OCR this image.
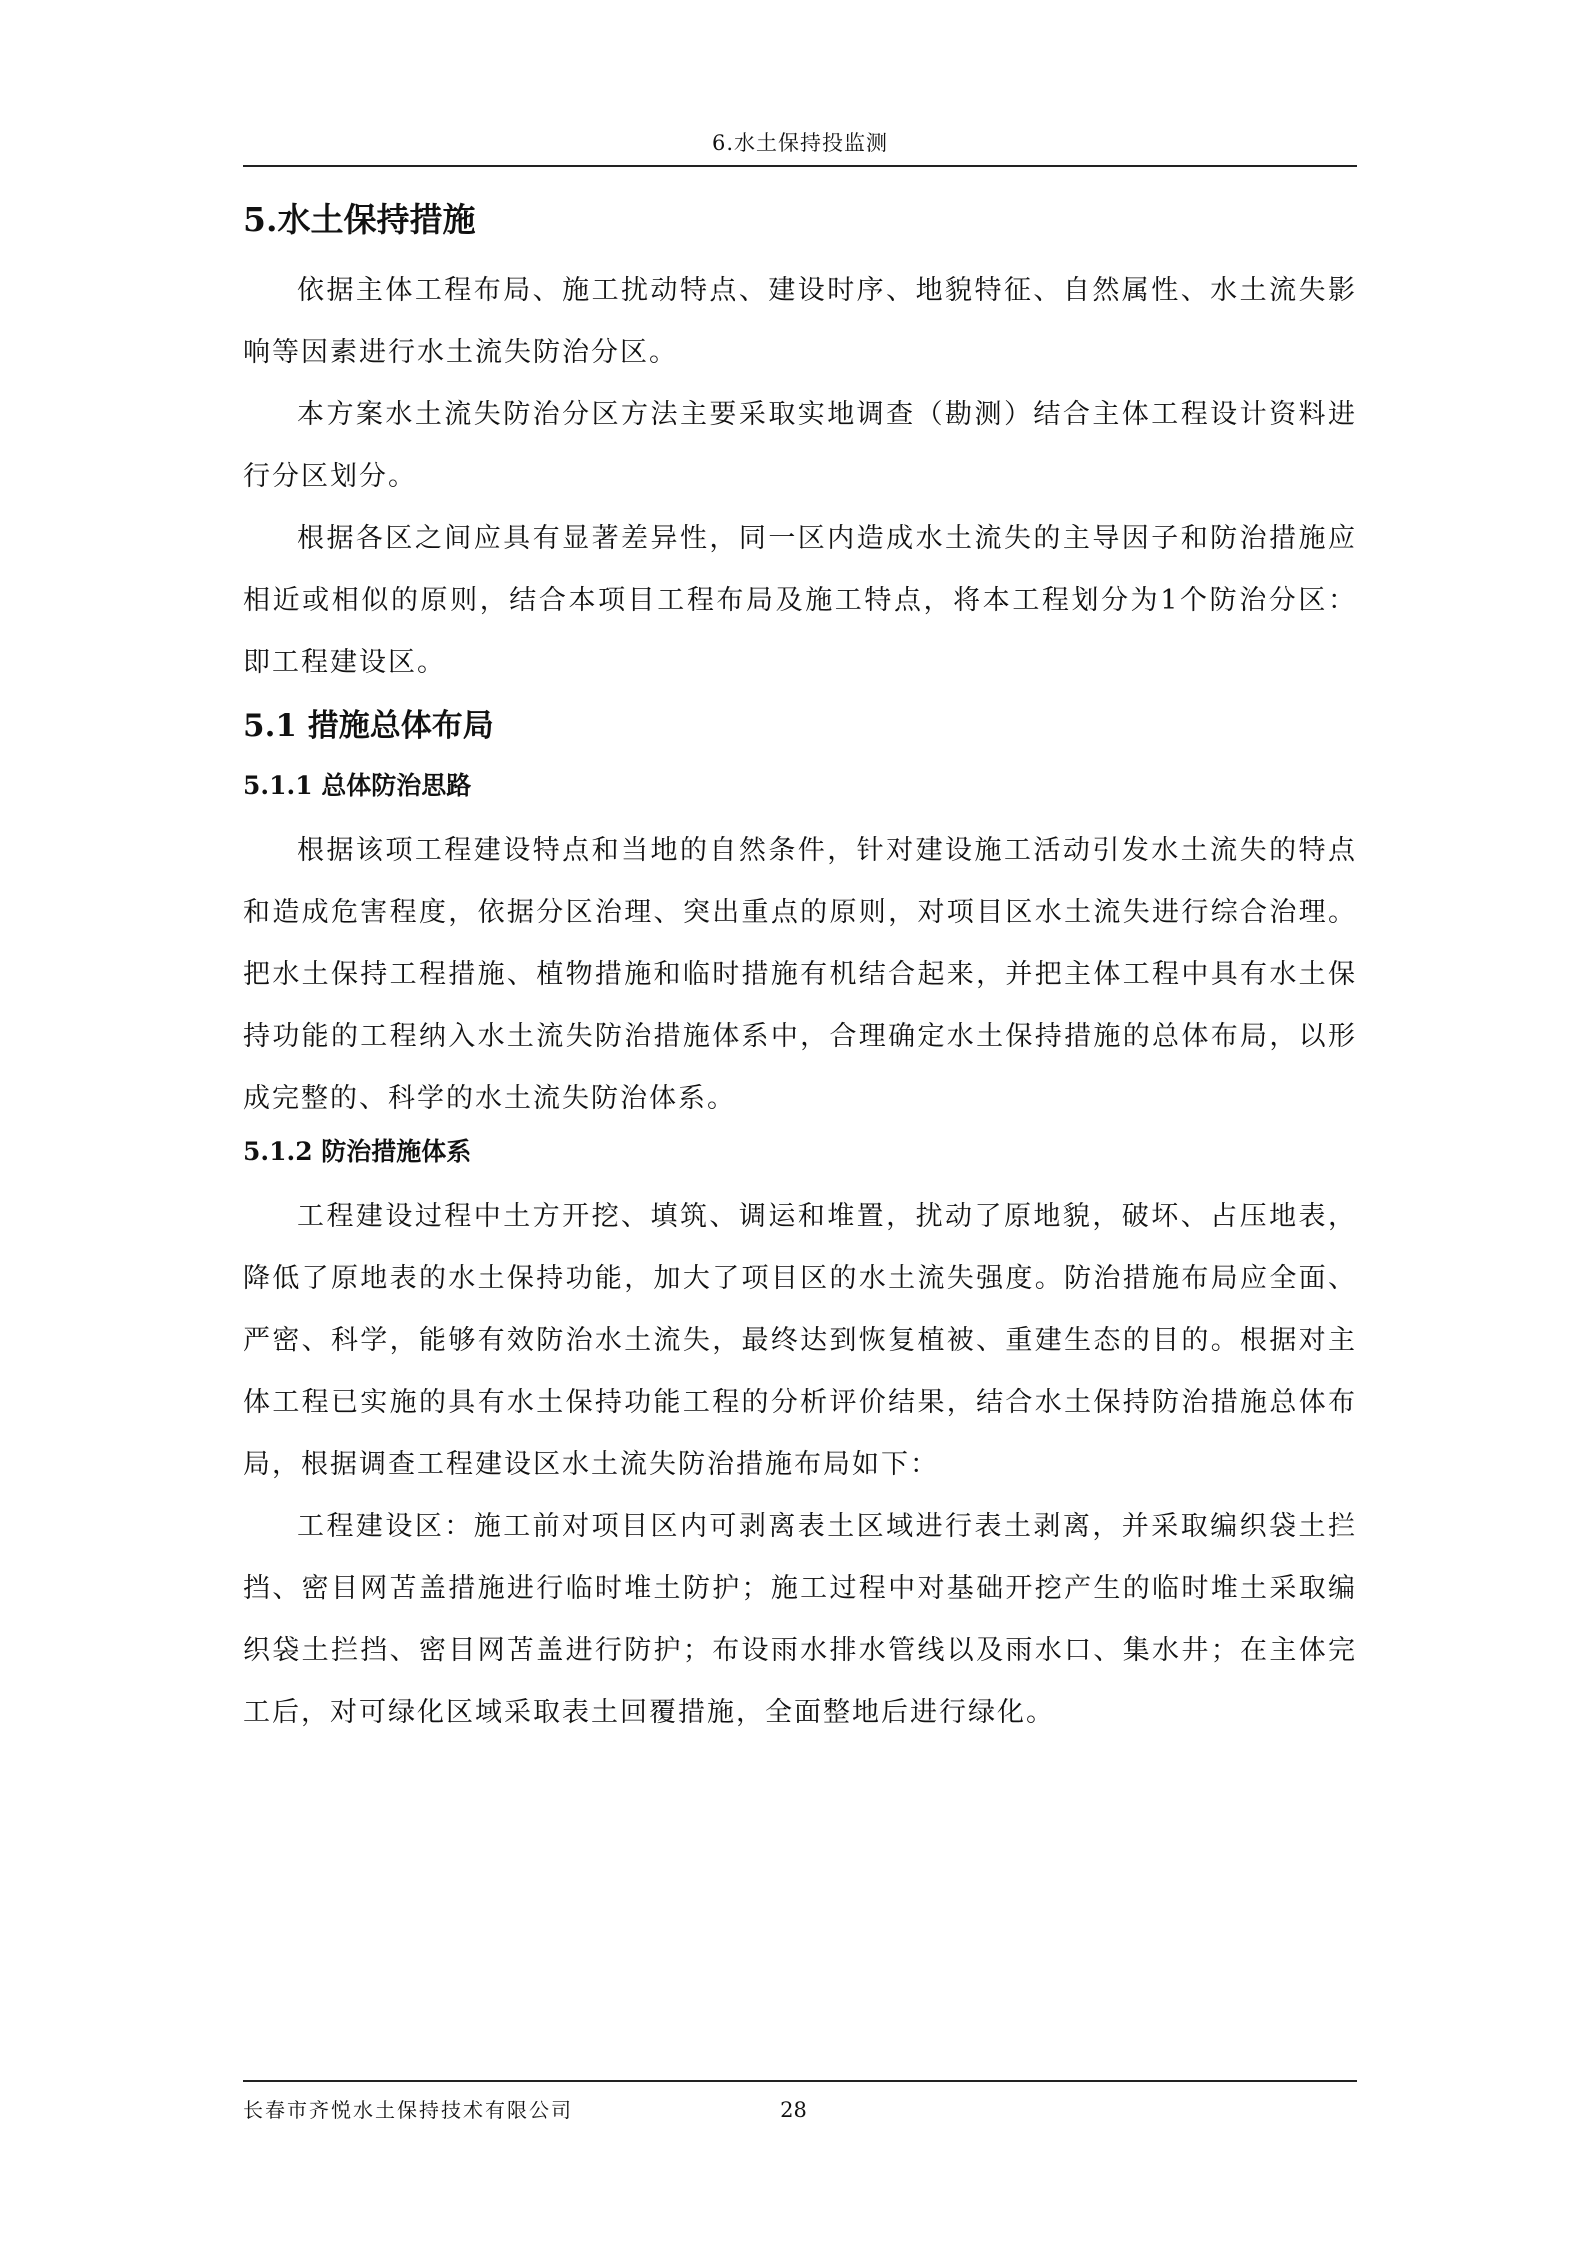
6.水土保持投监测
5.水土保持措施

依据主体工程布局、施工扰动特点、建设时序、地貌特征、自然属性、水土流失影响等因素进行水土流失防治分区。

本方案水土流失防治分区方法主要采取实地调查（勘测）结合主体工程设计资料进行分区划分。

根据各区之间应具有显著差异性，同一区内造成水土流失的主导因子和防治措施应相近或相似的原则，结合本项目工程布局及施工特点，将本工程划分为1个防治分区：即工程建设区。

5.1 措施总体布局
5.1.1 总体防治思路

根据该项工程建设特点和当地的自然条件，针对建设施工活动引发水土流失的特点和造成危害程度，依据分区治理、突出重点的原则，对项目区水土流失进行综合治理。把水土保持工程措施、植物措施和临时措施有机结合起来，并把主体工程中具有水土保持功能的工程纳入水土流失防治措施体系中，合理确定水土保持措施的总体布局，以形成完整的、科学的水土流失防治体系。

5.1.2 防治措施体系

工程建设过程中土方开挖、填筑、调运和堆置，扰动了原地貌，破坏、占压地表，降低了原地表的水土保持功能，加大了项目区的水土流失强度。防治措施布局应全面、严密、科学，能够有效防治水土流失，最终达到恢复植被、重建生态的目的。根据对主体工程已实施的具有水土保持功能工程的分析评价结果，结合水土保持防治措施总体布局，根据调查工程建设区水土流失防治措施布局如下：

工程建设区：施工前对项目区内可剥离表土区域进行表土剥离，并采取编织袋土拦挡、密目网苫盖措施进行临时堆土防护；施工过程中对基础开挖产生的临时堆土采取编织袋土拦挡、密目网苫盖进行防护；布设雨水排水管线以及雨水口、集水井；在主体完工后，对可绿化区域采取表土回覆措施，全面整地后进行绿化。

长春市齐悦水土保持技术有限公司	28
